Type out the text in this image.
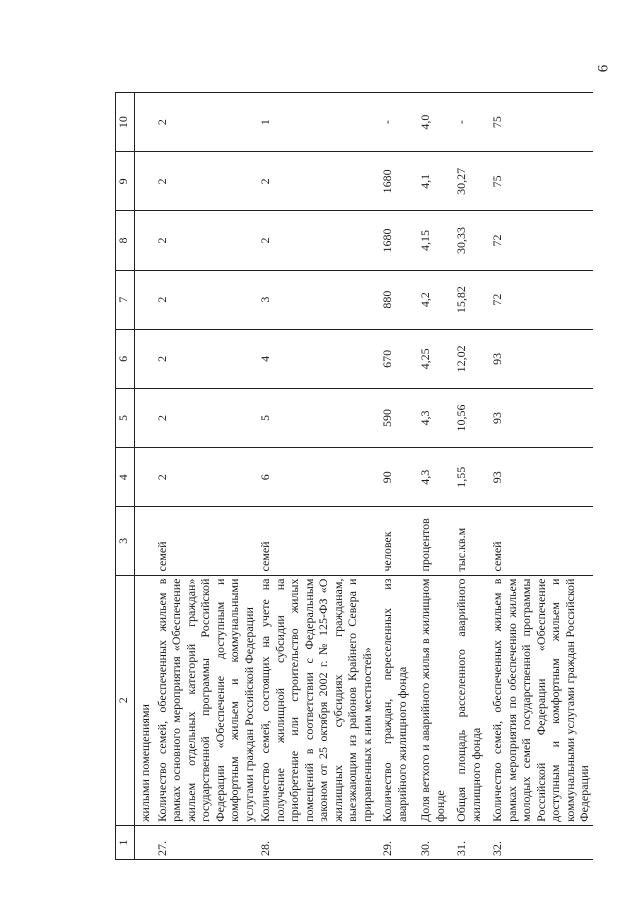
6
1	2	3	4	5	6	7	8	9	10
	жилыми помещениями								
27.	Количество семей, обеспеченных жильем в рамках основного мероприятия «Обеспечение жильем отдельных категорий граждан» государственной программы Российской Федерации «Обеспечение доступным и комфортным жильем и коммунальными услугами граждан Российской Федерации	семей	2	2	2	2	2	2	2
28.	Количество семей, состоящих на учете на получение жилищной субсидии на приобретение или строительство жилых помещений в соответствии с Федеральным законом от 25 октября 2002 г. № 125-ФЗ «О жилищных субсидиях гражданам, выезжающим из районов Крайнего Севера и приравненных к ним местностей»	семей	6	5	4	3	2	2	1
29.	Количество граждан, переселенных из аварийного жилищного фонда	человек	90	590	670	880	1680	1680	-
30.	Доля ветхого и аварийного жилья в жилищном фонде	процентов	4,3	4,3	4,25	4,2	4,15	4,1	4,0
31.	Общая площадь расселенного аварийного жилищного фонда	тыс.кв.м	1,55	10,56	12,02	15,82	30,33	30,27	-
32.	Количество семей, обеспеченных жильем в рамках мероприятия по обеспечению жильем молодых семей государственной программы Российской Федерации «Обеспечение доступным и комфортным жильем и коммунальными услугами граждан Российской Федерации	семей	93	93	93	72	72	75	75
